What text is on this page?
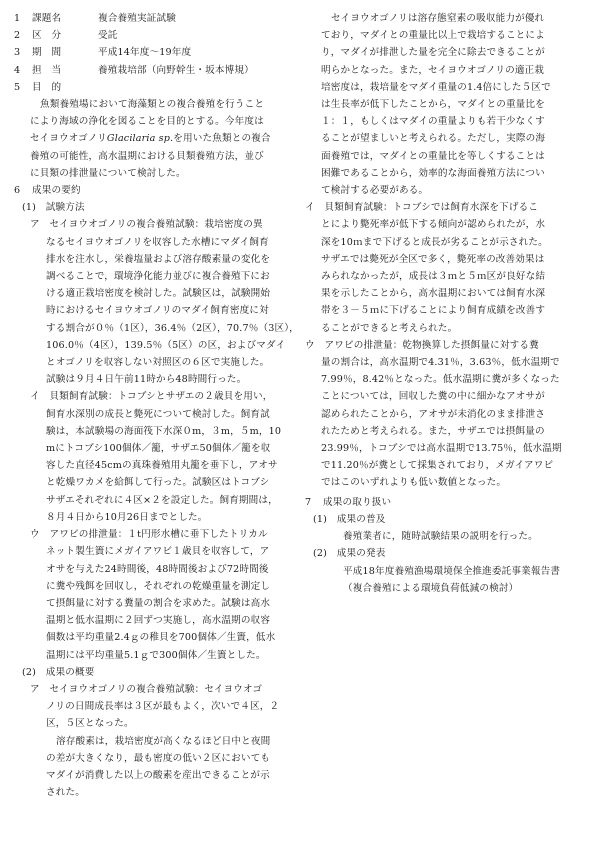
1	課題名	複合養殖実証試験
2	区　分	受託
3	期　間	平成14年度～19年度
4	担　当	養殖栽培部（向野幹生・坂本博規）
5	目　的
魚類養殖場において海藻類との複合養殖を行うこと
により海域の浄化を図ることを目的とする。今年度は
セイヨウオゴノリGlacilaria sp.を用いた魚類との複合
養殖の可能性，高水温期における貝類養殖方法，並び
に貝類の排泄量について検討した。
6	成果の要約
(1)　試験方法
ア　セイヨウオゴノリの複合養殖試験：栽培密度の異
なるセイヨウオゴノリを収容した水槽にマダイ飼育
排水を注水し，栄養塩量および溶存酸素量の変化を
調べることで，環境浄化能力並びに複合養殖下にお
ける適正栽培密度を検討した。試験区は，試験開始
時におけるセイヨウオゴノリのマダイ飼育密度に対
する割合が０％（1区），36.4％（2区），70.7％（3区），
106.0％（4区），139.5％（5区）の区，およびマダイ
とオゴノリを収容しない対照区の６区で実施した。
試験は９月４日午前11時から48時間行った。
イ　貝類飼育試験：トコブシとサザエの２歳貝を用い，
飼育水深別の成長と斃死について検討した。飼育試
験は，本試験場の海面筏下水深０m，３m，５m，10
mにトコブシ100個体／籠，サザエ50個体／籠を収
容した直径45cmの真珠養殖用丸籠を垂下し，アオサ
と乾燥ワカメを給餌して行った。試験区はトコブシ
サザエそれぞれに４区×２を設定した。飼育期間は，
８月４日から10月26日までとした。
ウ　アワビの排泄量：１t円形水槽に垂下したトリカル
ネット製生簀にメガイアワビ１歳貝を収容して，ア
オサを与えた24時間後，48時間後および72時間後
に糞や残餌を回収し，それぞれの乾燥重量を測定し
て摂餌量に対する糞量の割合を求めた。試験は高水
温期と低水温期に２回ずつ実施し，高水温期の収容
個数は平均重量2.4ｇの稚貝を700個体／生簀，低水
温期には平均重量5.1ｇで300個体／生簀とした。
(2)　成果の概要
ア　セイヨウオゴノリの複合養殖試験：セイヨウオゴ
ノリの日間成長率は３区が最もよく，次いで４区，２
区，５区となった。
溶存酸素は，栽培密度が高くなるほど日中と夜間
の差が大きくなり，最も密度の低い２区においても
マダイが消費した以上の酸素を産出できることが示
された。
セイヨウオゴノリは溶存態窒素の吸収能力が優れ
ており，マダイとの重量比以上で栽培することによ
り，マダイが排泄した量を完全に除去できることが
明らかとなった。また，セイヨウオゴノリの適正栽
培密度は，栽培量をマダイ重量の1.4倍にした５区で
は生長率が低下したことから，マダイとの重量比を
１：１，もしくはマダイの重量よりも若干少なくす
ることが望ましいと考えられる。ただし，実際の海
面養殖では，マダイとの重量比を等しくすることは
困難であることから，効率的な海面養殖方法につい
て検討する必要がある。
イ　貝類飼育試験：トコブシでは飼育水深を下げるこ
とにより斃死率が低下する傾向が認められたが，水
深を10ｍまで下げると成長が劣ることが示された。
サザエでは斃死が全区で多く，斃死率の改善効果は
みられなかったが，成長は３ｍと５ｍ区が良好な結
果を示したことから，高水温期においては飼育水深
帯を３－５ｍに下げることにより飼育成績を改善す
ることができると考えられた。
ウ　アワビの排泄量：乾物換算した摂餌量に対する糞
量の割合は，高水温期で4.31％，3.63％，低水温期で
7.99％，8.42％となった。低水温期に糞が多くなった
ことについては，回収した糞の中に細かなアオサが
認められたことから，アオサが未消化のまま排泄さ
れたためと考えられる。また，サザエでは摂餌量の
23.99％，トコブシでは高水温期で13.75％，低水温期
で11.20％が糞として採集されており，メガイアワビ
ではこのいずれよりも低い数値となった。
7	成果の取り扱い
(1)　成果の普及
養殖業者に，随時試験結果の説明を行った。
(2)　成果の発表
平成18年度養殖漁場環境保全推進委託事業報告書
（複合養殖による環境負荷低減の検討）
